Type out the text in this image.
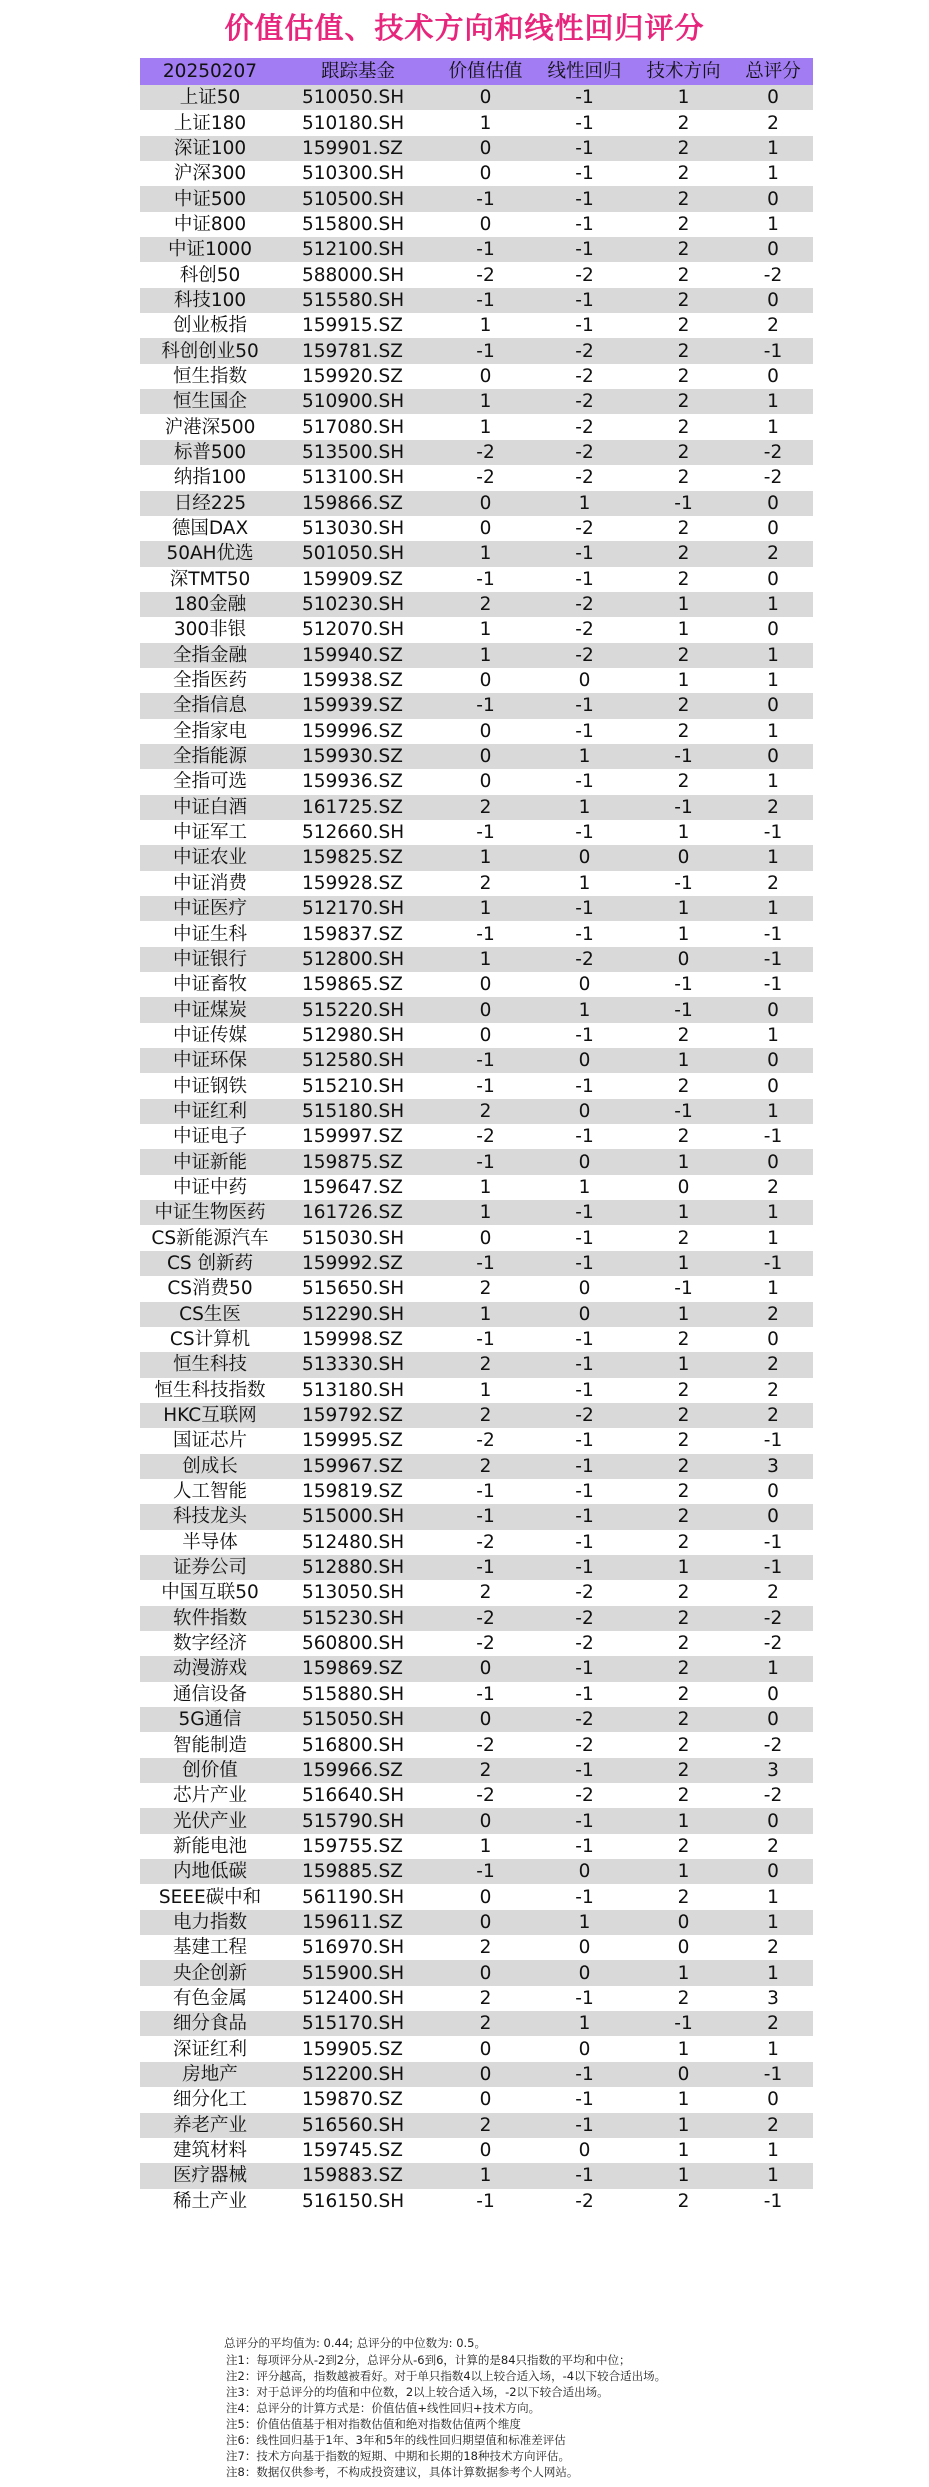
价值估值、技术方向和线性回归评分
20250207	跟踪基金	价值估值	线性回归	技术方向	总评分
上证50	510050.SH	0	-1	1	0
上证180	510180.SH	1	-1	2	2
深证100	159901.SZ	0	-1	2	1
沪深300	510300.SH	0	-1	2	1
中证500	510500.SH	-1	-1	2	0
中证800	515800.SH	0	-1	2	1
中证1000	512100.SH	-1	-1	2	0
科创50	588000.SH	-2	-2	2	-2
科技100	515580.SH	-1	-1	2	0
创业板指	159915.SZ	1	-1	2	2
科创创业50	159781.SZ	-1	-2	2	-1
恒生指数	159920.SZ	0	-2	2	0
恒生国企	510900.SH	1	-2	2	1
沪港深500	517080.SH	1	-2	2	1
标普500	513500.SH	-2	-2	2	-2
纳指100	513100.SH	-2	-2	2	-2
日经225	159866.SZ	0	1	-1	0
德国DAX	513030.SH	0	-2	2	0
50AH优选	501050.SH	1	-1	2	2
深TMT50	159909.SZ	-1	-1	2	0
180金融	510230.SH	2	-2	1	1
300非银	512070.SH	1	-2	1	0
全指金融	159940.SZ	1	-2	2	1
全指医药	159938.SZ	0	0	1	1
全指信息	159939.SZ	-1	-1	2	0
全指家电	159996.SZ	0	-1	2	1
全指能源	159930.SZ	0	1	-1	0
全指可选	159936.SZ	0	-1	2	1
中证白酒	161725.SZ	2	1	-1	2
中证军工	512660.SH	-1	-1	1	-1
中证农业	159825.SZ	1	0	0	1
中证消费	159928.SZ	2	1	-1	2
中证医疗	512170.SH	1	-1	1	1
中证生科	159837.SZ	-1	-1	1	-1
中证银行	512800.SH	1	-2	0	-1
中证畜牧	159865.SZ	0	0	-1	-1
中证煤炭	515220.SH	0	1	-1	0
中证传媒	512980.SH	0	-1	2	1
中证环保	512580.SH	-1	0	1	0
中证钢铁	515210.SH	-1	-1	2	0
中证红利	515180.SH	2	0	-1	1
中证电子	159997.SZ	-2	-1	2	-1
中证新能	159875.SZ	-1	0	1	0
中证中药	159647.SZ	1	1	0	2
中证生物医药	161726.SZ	1	-1	1	1
CS新能源汽车	515030.SH	0	-1	2	1
CS 创新药	159992.SZ	-1	-1	1	-1
CS消费50	515650.SH	2	0	-1	1
CS生医	512290.SH	1	0	1	2
CS计算机	159998.SZ	-1	-1	2	0
恒生科技	513330.SH	2	-1	1	2
恒生科技指数	513180.SH	1	-1	2	2
HKC互联网	159792.SZ	2	-2	2	2
国证芯片	159995.SZ	-2	-1	2	-1
创成长	159967.SZ	2	-1	2	3
人工智能	159819.SZ	-1	-1	2	0
科技龙头	515000.SH	-1	-1	2	0
半导体	512480.SH	-2	-1	2	-1
证券公司	512880.SH	-1	-1	1	-1
中国互联50	513050.SH	2	-2	2	2
软件指数	515230.SH	-2	-2	2	-2
数字经济	560800.SH	-2	-2	2	-2
动漫游戏	159869.SZ	0	-1	2	1
通信设备	515880.SH	-1	-1	2	0
5G通信	515050.SH	0	-2	2	0
智能制造	516800.SH	-2	-2	2	-2
创价值	159966.SZ	2	-1	2	3
芯片产业	516640.SH	-2	-2	2	-2
光伏产业	515790.SH	0	-1	1	0
新能电池	159755.SZ	1	-1	2	2
内地低碳	159885.SZ	-1	0	1	0
SEEE碳中和	561190.SH	0	-1	2	1
电力指数	159611.SZ	0	1	0	1
基建工程	516970.SH	2	0	0	2
央企创新	515900.SH	0	0	1	1
有色金属	512400.SH	2	-1	2	3
细分食品	515170.SH	2	1	-1	2
深证红利	159905.SZ	0	0	1	1
房地产	512200.SH	0	-1	0	-1
细分化工	159870.SZ	0	-1	1	0
养老产业	516560.SH	2	-1	1	2
建筑材料	159745.SZ	0	0	1	1
医疗器械	159883.SZ	1	-1	1	1
稀土产业	516150.SH	-1	-2	2	-1
总评分的平均值为: 0.44; 总评分的中位数为: 0.5。
注1：每项评分从-2到2分，总评分从-6到6，计算的是84只指数的平均和中位；
注2：评分越高，指数越被看好。对于单只指数4以上较合适入场，-4以下较合适出场。
注3：对于总评分的均值和中位数，2以上较合适入场，-2以下较合适出场。
注4：总评分的计算方式是：价值估值+线性回归+技术方向。
注5：价值估值基于相对指数估值和绝对指数估值两个维度
注6：线性回归基于1年、3年和5年的线性回归期望值和标准差评估
注7：技术方向基于指数的短期、中期和长期的18种技术方向评估。
注8：数据仅供参考，不构成投资建议，具体计算数据参考个人网站。
